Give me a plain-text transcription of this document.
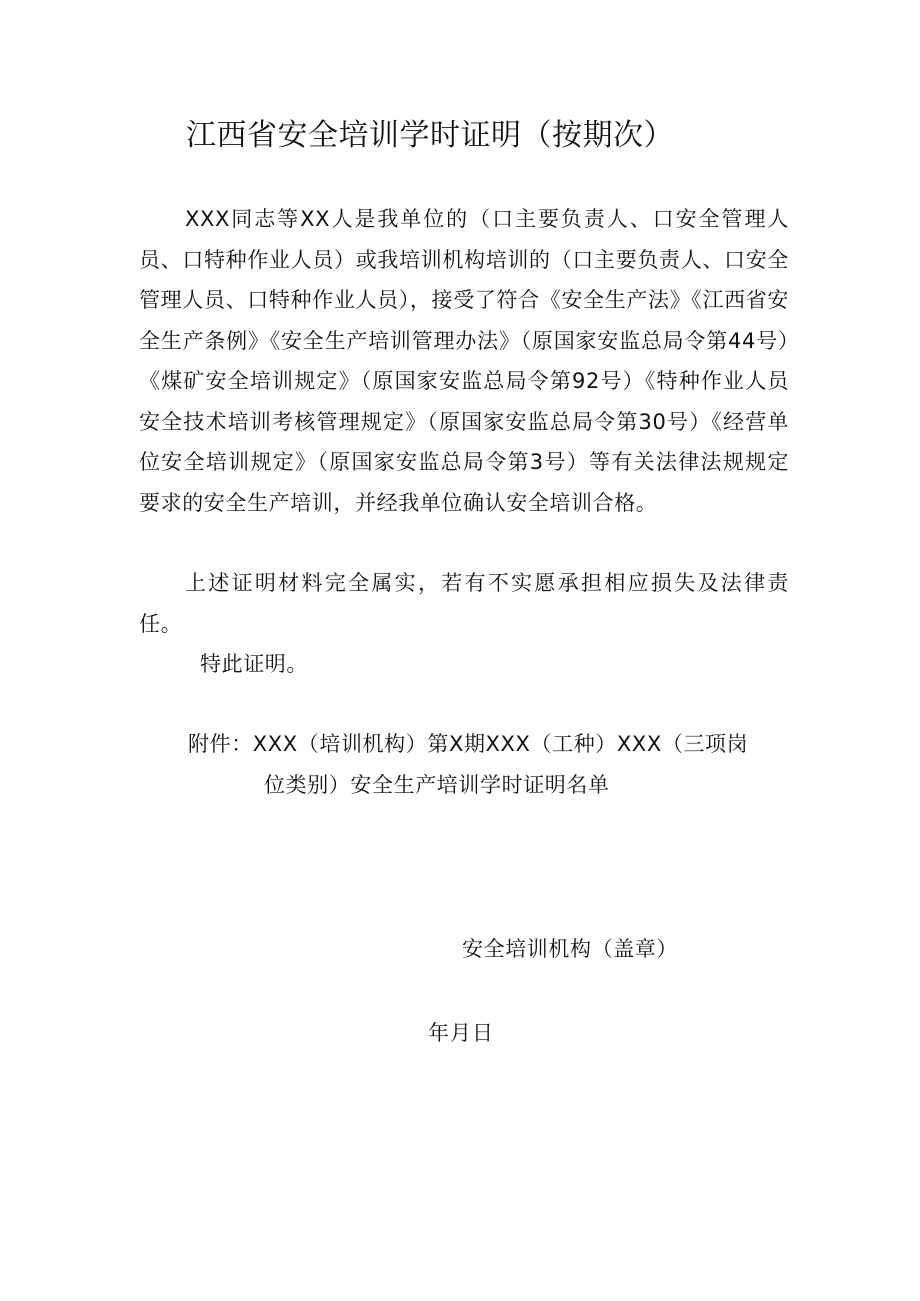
江西省安全培训学时证明（按期次）

XXX同志等XX人是我单位的（口主要负责人、口安全管理人员、口特种作业人员）或我培训机构培训的（口主要负责人、口安全管理人员、口特种作业人员），接受了符合《安全生产法》《江西省安全生产条例》《安全生产培训管理办法》（原国家安监总局令第44号）《煤矿安全培训规定》（原国家安监总局令第92号）《特种作业人员安全技术培训考核管理规定》（原国家安监总局令第30号）《经营单位安全培训规定》（原国家安监总局令第3号）等有关法律法规规定要求的安全生产培训，并经我单位确认安全培训合格。

上述证明材料完全属实，若有不实愿承担相应损失及法律责任。

特此证明。

附件：XXX（培训机构）第X期XXX（工种）XXX（三项岗
位类别）安全生产培训学时证明名单

安全培训机构（盖章）
年月日
